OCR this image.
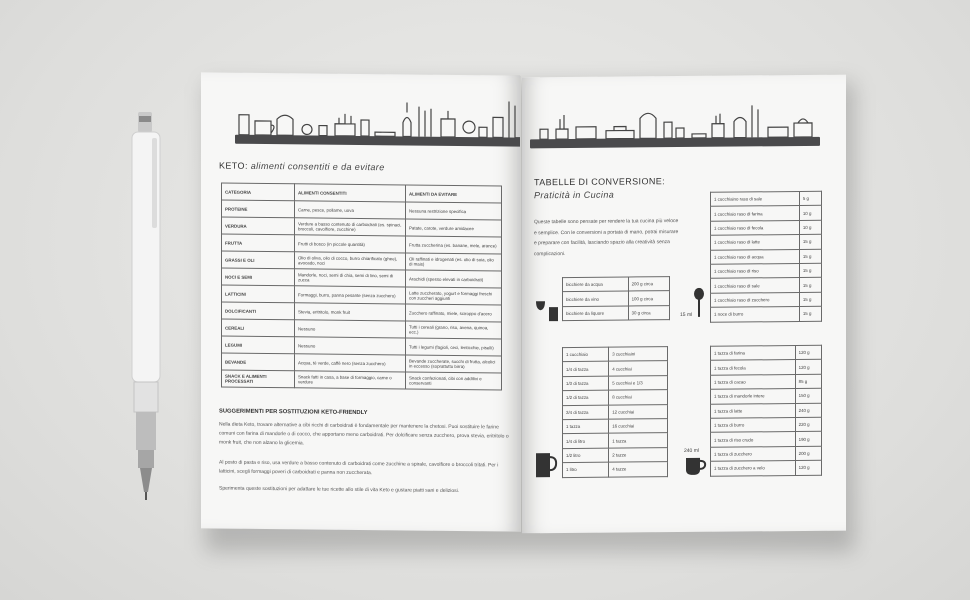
KETO: alimenti consentiti e da evitare
CATEGORIA	ALIMENTI CONSENTITI	ALIMENTI DA EVITARE
PROTEINE	Carne, pesce, pollame, uova	Nessuna restrizione specifica
VERDURA	Verdure a basso contenuto di carboidrati (es. spinaci, broccoli, cavolfiore, zucchine)	Patate, carote, verdure amidacee
FRUTTA	Frutti di bosco (in piccole quantità)	Frutta zuccherina (es. banane, mele, arance)
GRASSI E OLI	Olio di oliva, olio di cocco, burro chiarificato (ghee), avocado, noci	Oli raffinati e idrogenati (es. olio di soia, olio di mais)
NOCI E SEMI	Mandorle, noci, semi di chia, semi di lino, semi di zucca	Arachidi (spesso elevati in carboidrati)
LATTICINI	Formaggi, burro, panna pesante (senza zucchero)	Latte zuccherato, yogurt e formaggi freschi con zuccheri aggiunti
DOLCIFICANTI	Stevia, eritritolo, monk fruit	Zucchero raffinato, miele, sciroppo d'acero
CEREALI	Nessuno	Tutti i cereali (grano, riso, avena, quinoa, ecc.)
LEGUMI	Nessuno	Tutti i legumi (fagioli, ceci, lenticchie, piselli)
BEVANDE	Acqua, tè verde, caffè nero (senza zucchero)	Bevande zuccherate, succhi di frutta, alcolici in eccesso (soprattutto birra)
SNACK E ALIMENTI PROCESSATI	Snack fatti in casa, a base di formaggio, carne o verdure	Snack confezionati, cibi con additivi e conservanti
SUGGERIMENTI PER SOSTITUZIONI KETO-FRIENDLY
Nella dieta Keto, trovare alternative a cibi ricchi di carboidrati è fondamentale per mantenere la chetosi. Puoi sostituire le farine comuni con farina di mandorle o di cocco, che apportano meno carboidrati. Per dolcificare senza zucchero, prova stevia, eritritolo o monk fruit, che non alzano la glicemia.
Al posto di pasta e riso, usa verdure a basso contenuto di carboidrati come zucchine a spirale, cavolfiore o broccoli tritati. Per i latticini, scegli formaggi poveri di carboidrati e panna non zuccherata.
Sperimenta queste sostituzioni per adattare le tue ricette allo stile di vita Keto e gustare piatti sani e deliziosi.
TABELLE DI CONVERSIONE:
Praticità in Cucina
Queste tabelle sono pensate per rendere la tua cucina più veloce e semplice. Con le conversioni a portata di mano, potrai misurare e preparare con facilità, lasciando spazio alla creatività senza complicazioni.
bicchiere da acqua	200 g circa
bicchiere da vino	100 g circa
bicchiere da liquore	30 g circa	15 ml
1 cucchiaino raso di sale	5 g
1 cucchiaio raso di farina	10 g
1 cucchiaio raso di fecola	10 g
1 cucchiaio raso di latte	15 g
1 cucchiaio raso di acqua	15 g
1 cucchiaio raso di riso	15 g
1 cucchiaio raso di sale	15 g
1 cucchiaio raso di zucchero	15 g
1 noce di burro	15 g
1 cucchiaio	3 cucchiaini
1/4 di tazza	4 cucchiai
1/3 di tazza	5 cucchiai e 1/3
1/2 di tazza	8 cucchiai
3/4 di tazza	12 cucchiai
1 tazza	16 cucchiai
1/4 di litro	1 tazza
1/2 litro	2 tazze
1 litro	4 tazze
240 ml
1 tazza di farina	120 g
1 tazza di fecola	120 g
1 tazza di cacao	85 g
1 tazza di mandorle intere	150 g
1 tazza di latte	240 g
1 tazza di burro	220 g
1 tazza di riso crudo	190 g
1 tazza di zucchero	200 g
1 tazza di zucchero a velo	120 g
